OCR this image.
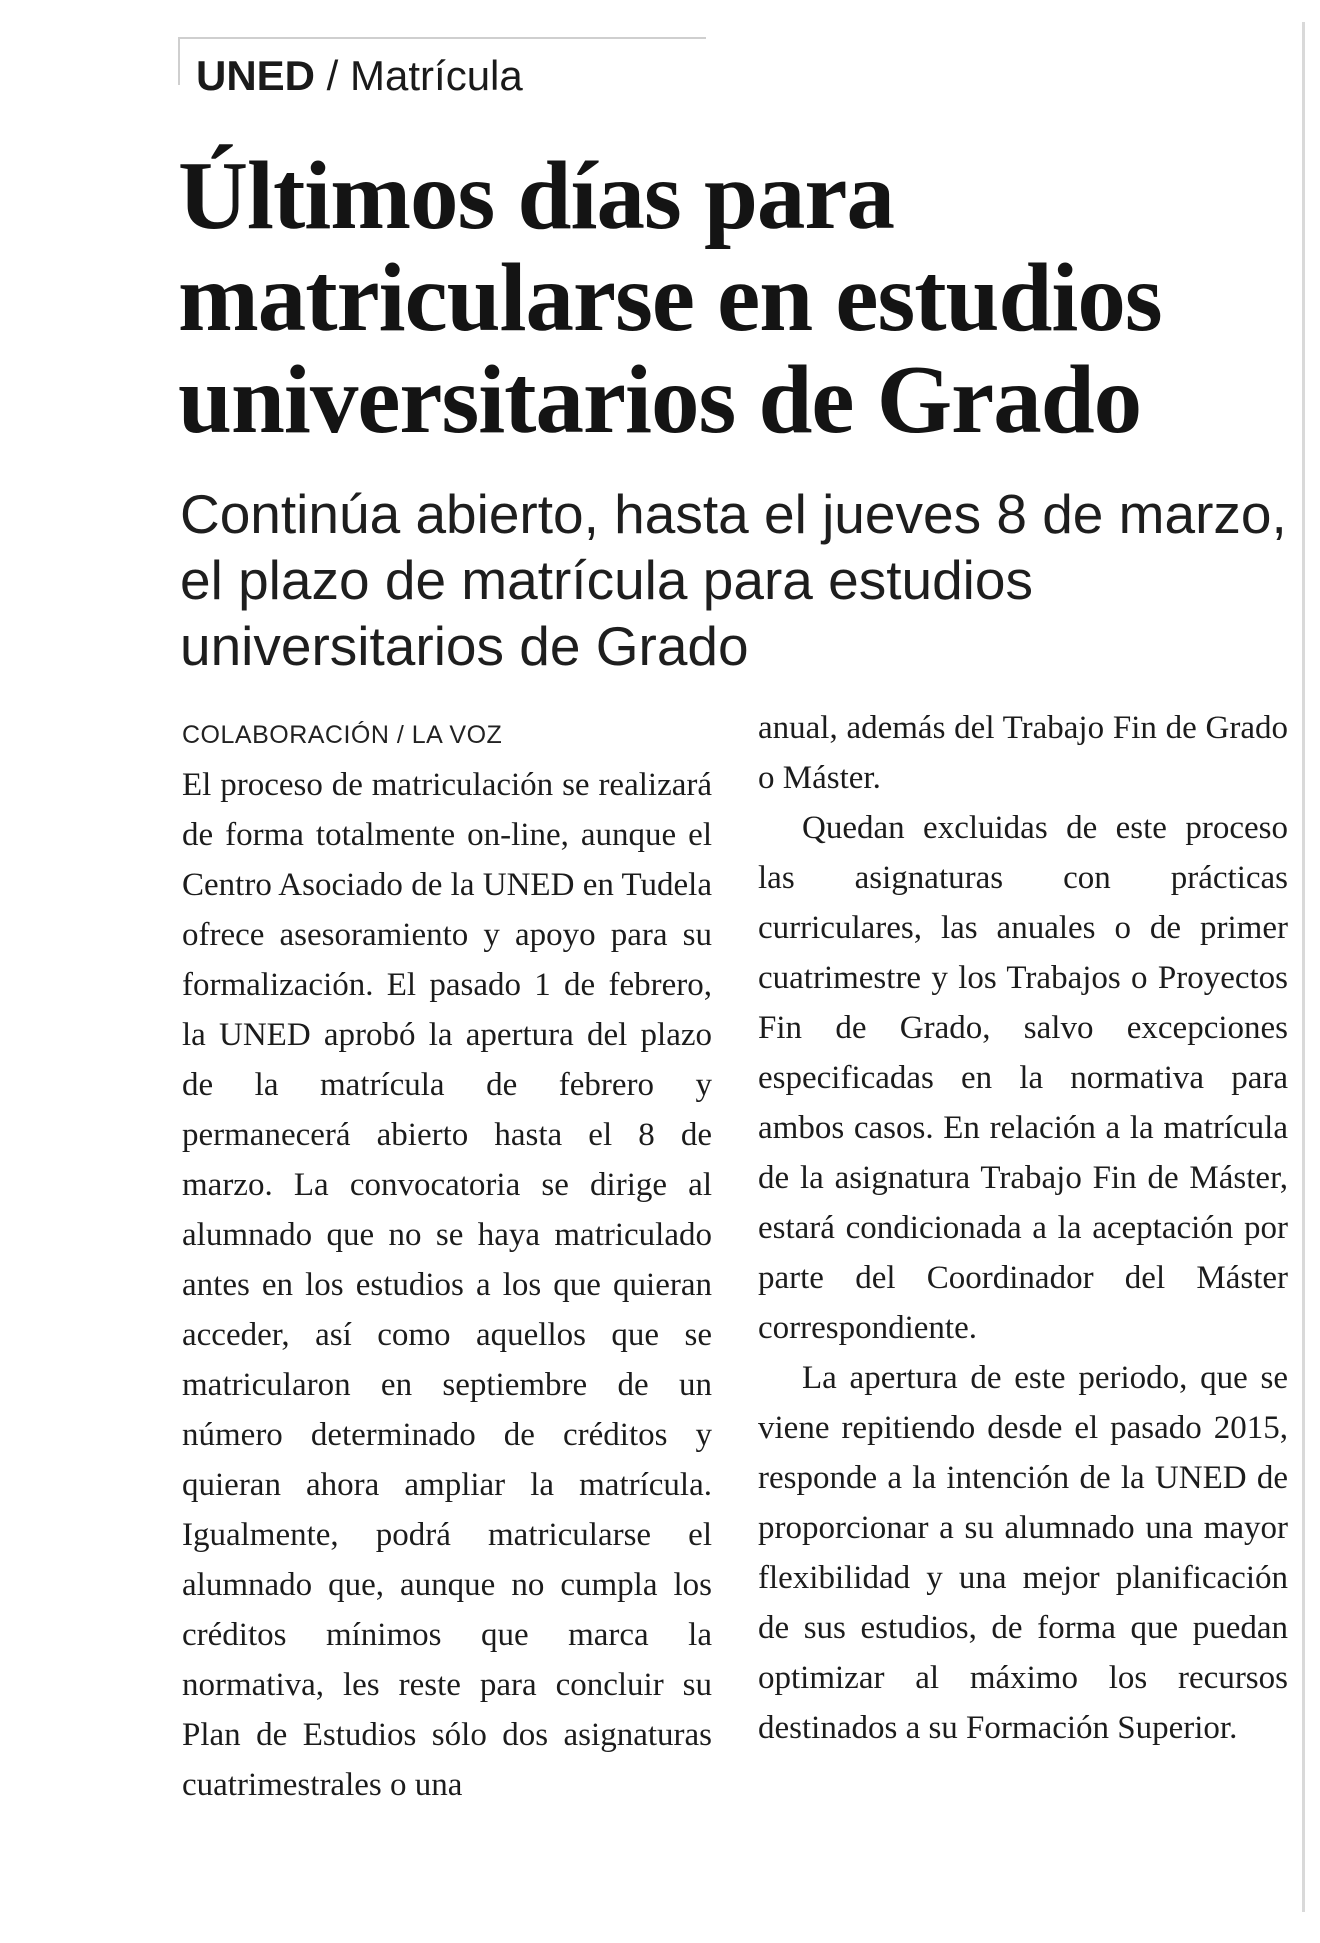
UNED / Matrícula
Últimos días para matricularse en estudios universitarios de Grado
Continúa abierto, hasta el jueves 8 de marzo, el plazo de matrícula para estudios universitarios de Grado
COLABORACIÓN / LA VOZ

El proceso de matriculación se realizará de forma totalmente on-line, aunque el Centro Asociado de la UNED en Tudela ofrece asesoramiento y apoyo para su formalización. El pasado 1 de febrero, la UNED aprobó la apertura del plazo de la matrícula de febrero y permanecerá abierto hasta el 8 de marzo. La convocatoria se dirige al alumnado que no se haya matriculado antes en los estudios a los que quieran acceder, así como aquellos que se matricularon en septiembre de un número determinado de créditos y quieran ahora ampliar la matrícula. Igualmente, podrá matricularse el alumnado que, aunque no cumpla los créditos mínimos que marca la normativa, les reste para concluir su Plan de Estudios sólo dos asignaturas cuatrimestrales o una

anual, además del Trabajo Fin de Grado o Máster.

Quedan excluidas de este proceso las asignaturas con prácticas curriculares, las anuales o de primer cuatrimestre y los Trabajos o Proyectos Fin de Grado, salvo excepciones especificadas en la normativa para ambos casos. En relación a la matrícula de la asignatura Trabajo Fin de Máster, estará condicionada a la aceptación por parte del Coordinador del Máster correspondiente.

La apertura de este periodo, que se viene repitiendo desde el pasado 2015, responde a la intención de la UNED de proporcionar a su alumnado una mayor flexibilidad y una mejor planificación de sus estudios, de forma que puedan optimizar al máximo los recursos destinados a su Formación Superior.
